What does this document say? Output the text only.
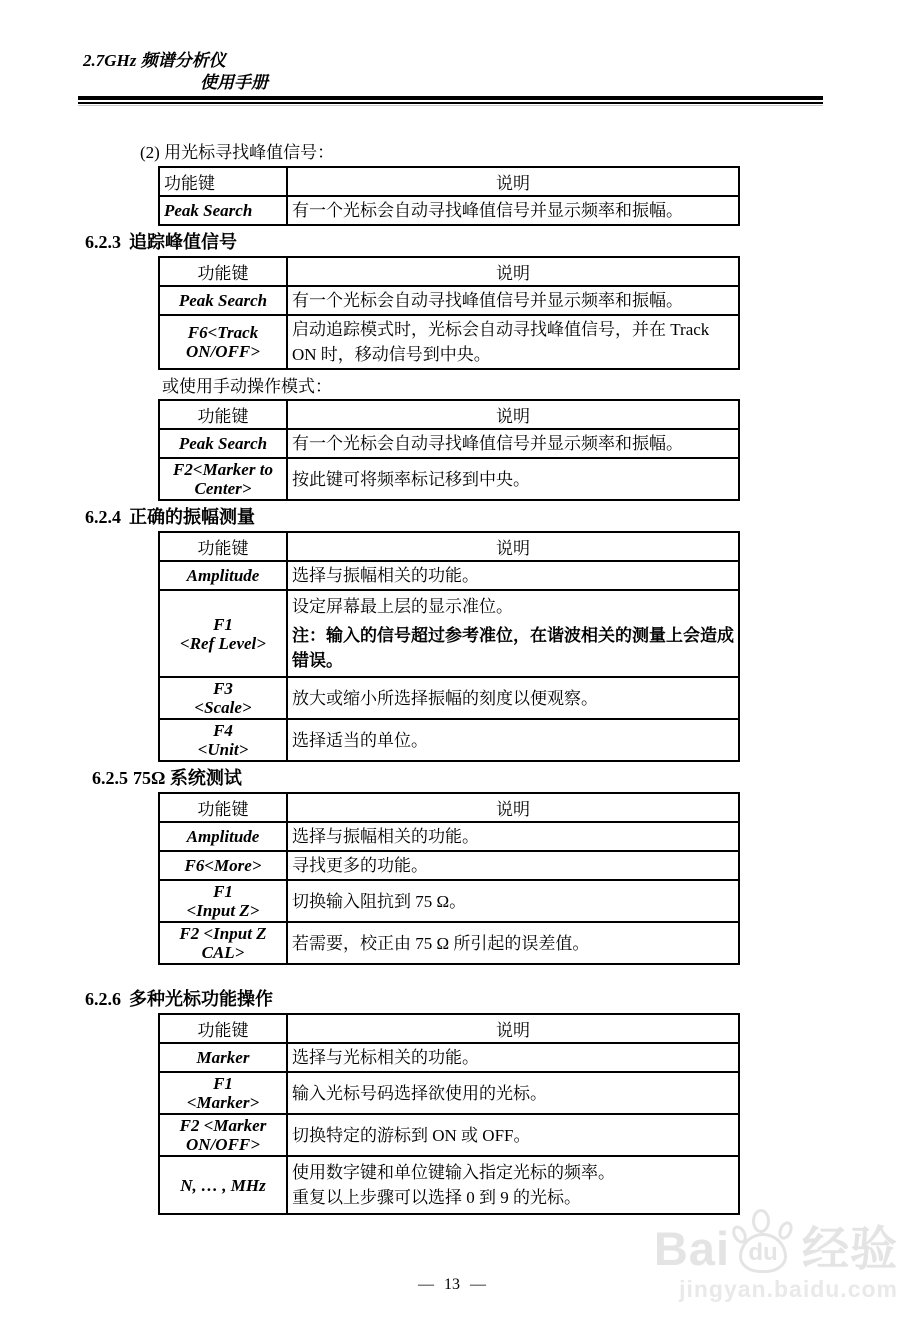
2.7GHz 频谱分析仪
使用手册
(2) 用光标寻找峰值信号：
功能键	说明
Peak Search	有一个光标会自动寻找峰值信号并显示频率和振幅。
6.2.3 追踪峰值信号
功能键	说明
Peak Search	有一个光标会自动寻找峰值信号并显示频率和振幅。

F6<Track
ON/OFF>	启动追踪模式时，光标会自动寻找峰值信号，并在 Track ON 时，移动信号到中央。
或使用手动操作模式：
功能键	说明
Peak Search	有一个光标会自动寻找峰值信号并显示频率和振幅。

F2<Marker to
Center>	按此键可将频率标记移到中央。
6.2.4 正确的振幅测量
功能键	说明
Amplitude	选择与振幅相关的功能。

F1
<Ref Level>	设定屏幕最上层的显示准位。
注：输入的信号超过参考准位，在谐波相关的测量上会造成错误。

F3
<Scale>	放大或缩小所选择振幅的刻度以便观察。

F4
<Unit>	选择适当的单位。
6.2.5 75Ω 系统测试
功能键	说明
Amplitude	选择与振幅相关的功能。
F6<More>	寻找更多的功能。

F1
<Input Z>	切换输入阻抗到 75 Ω。

F2 <Input Z
CAL>	若需要，校正由 75 Ω 所引起的误差值。
6.2.6 多种光标功能操作
功能键	说明
Marker	选择与光标相关的功能。

F1
<Marker>	输入光标号码选择欲使用的光标。

F2 <Marker
ON/OFF>	切换特定的游标到 ON 或 OFF。
N, … , MHz	使用数字键和单位键输入指定光标的频率。
重复以上步骤可以选择 0 到 9 的光标。
— 13 —
Bai du 经验
jingyan.baidu.com
